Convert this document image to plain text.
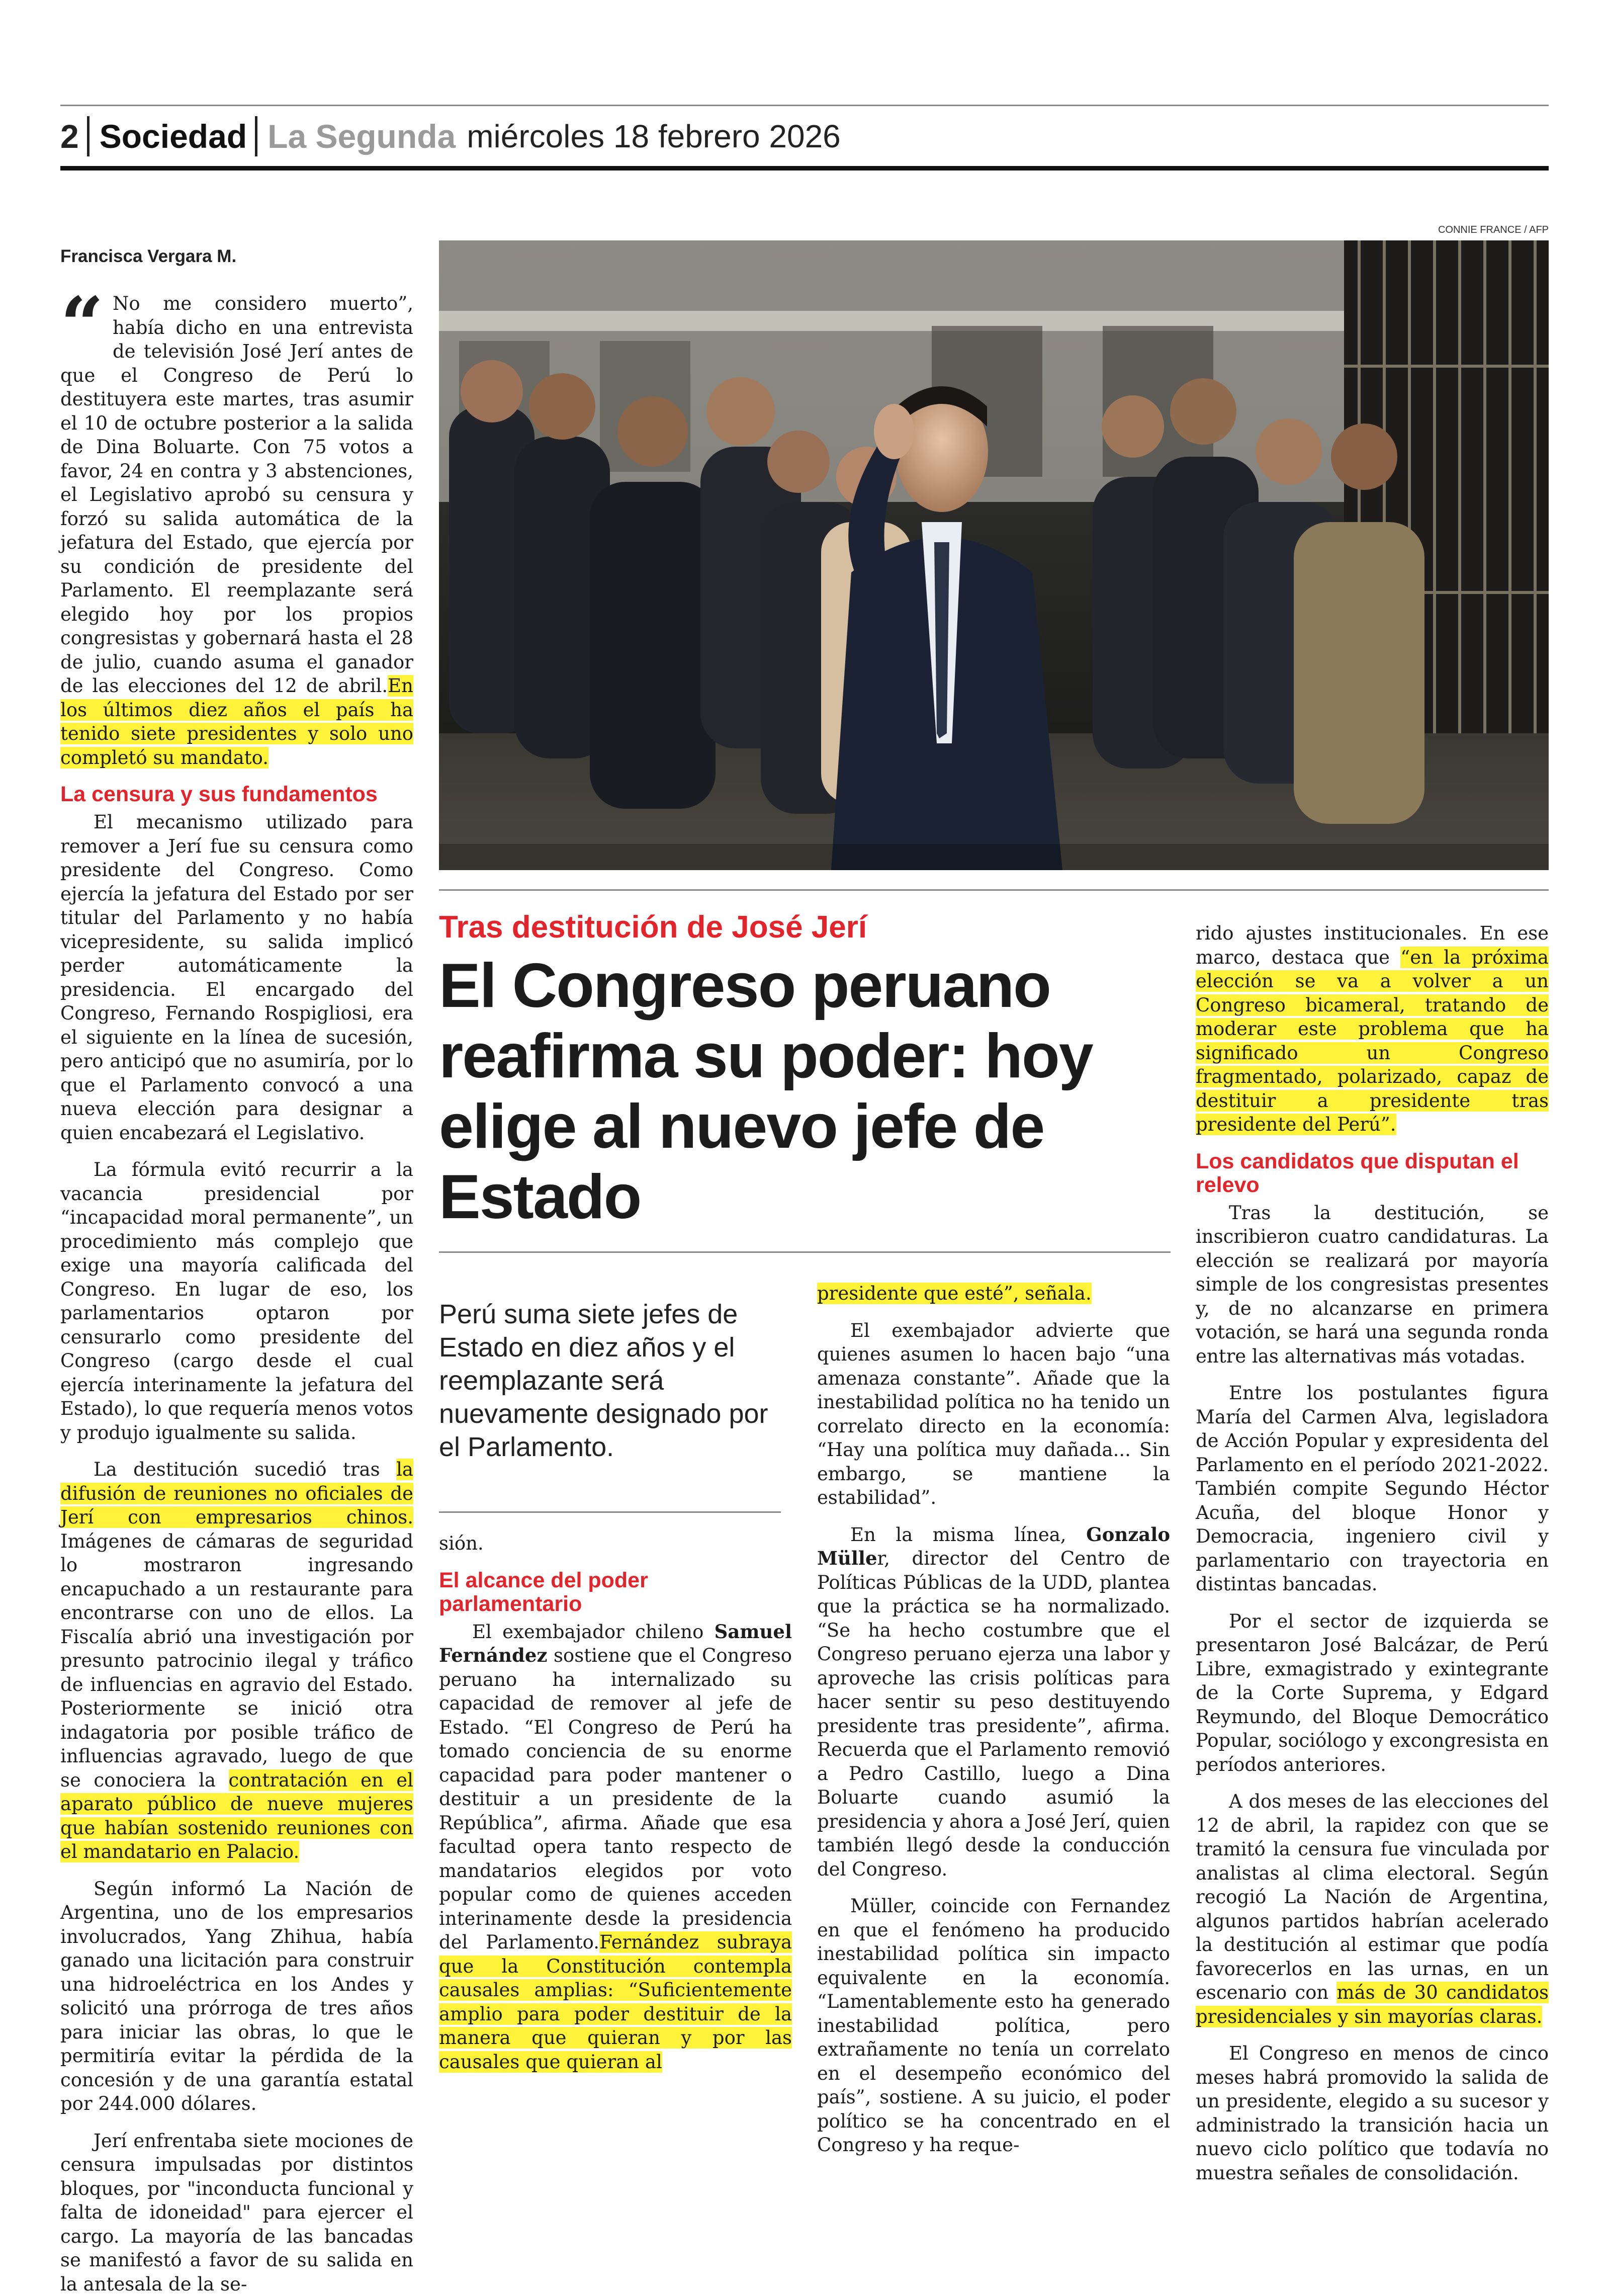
2 Sociedad La Segunda miércoles 18 febrero 2026
Francisca Vergara M.

“ No me considero muerto”, había dicho en una entrevista de televisión José Jerí antes de que el Congreso de Perú lo destituyera este martes, tras asumir el 10 de octubre posterior a la salida de Dina Boluarte. Con 75 votos a favor, 24 en contra y 3 abstenciones, el Legislativo aprobó su censura y forzó su salida automática de la jefatura del Estado, que ejercía por su condición de presidente del Parlamento. El reemplazante será elegido hoy por los propios congresistas y gobernará hasta el 28 de julio, cuando asuma el ganador de las elecciones del 12 de abril.En los últimos diez años el país ha tenido siete presidentes y solo uno completó su mandato.

La censura y sus fundamentos

El mecanismo utilizado para remover a Jerí fue su censura como presidente del Congreso. Como ejercía la jefatura del Estado por ser titular del Parlamento y no había vicepresidente, su salida implicó perder automáticamente la presidencia. El encargado del Congreso, Fernando Rospigliosi, era el siguiente en la línea de sucesión, pero anticipó que no asumiría, por lo que el Parlamento convocó a una nueva elección para designar a quien encabezará el Legislativo.

La fórmula evitó recurrir a la vacancia presidencial por “incapacidad moral permanente”, un procedimiento más complejo que exige una mayoría calificada del Congreso. En lugar de eso, los parlamentarios optaron por censurarlo como presidente del Congreso (cargo desde el cual ejercía interinamente la jefatura del Estado), lo que requería menos votos y produjo igualmente su salida.

La destitución sucedió tras la difusión de reuniones no oficiales de Jerí con empresarios chinos. Imágenes de cámaras de seguridad lo mostraron ingresando encapuchado a un restaurante para encontrarse con uno de ellos. La Fiscalía abrió una investigación por presunto patrocinio ilegal y tráfico de influencias en agravio del Estado. Posteriormente se inició otra indagatoria por posible tráfico de influencias agravado, luego de que se conociera la contratación en el aparato público de nueve mujeres que habían sostenido reuniones con el mandatario en Palacio.

Según informó La Nación de Argentina, uno de los empresarios involucrados, Yang Zhihua, había ganado una licitación para construir una hidroeléctrica en los Andes y solicitó una prórroga de tres años para iniciar las obras, lo que le permitiría evitar la pérdida de la concesión y de una garantía estatal por 244.000 dólares.

Jerí enfrentaba siete mociones de censura impulsadas por distintos bloques, por "inconducta funcional y falta de idoneidad" para ejercer el cargo. La mayoría de las bancadas se manifestó a favor de su salida en la antesala de la se-

CONNIE FRANCE / AFP
Tras destitución de José Jerí
El Congreso peruano reafirma su poder: hoy elige al nuevo jefe de Estado
Perú suma siete jefes de Estado en diez años y el reemplazante será nuevamente designado por el Parlamento.

sión.

El alcance del poder parlamentario

El exembajador chileno Samuel Fernández sostiene que el Congreso peruano ha internalizado su capacidad de remover al jefe de Estado. “El Congreso de Perú ha tomado conciencia de su enorme capacidad para poder mantener o destituir a un presidente de la República”, afirma. Añade que esa facultad opera tanto respecto de mandatarios elegidos por voto popular como de quienes acceden interinamente desde la presidencia del Parlamento.Fernández subraya que la Constitución contempla causales amplias: “Suficientemente amplio para poder destituir de la manera que quieran y por las causales que quieran al

presidente que esté”, señala.

El exembajador advierte que quienes asumen lo hacen bajo “una amenaza constante”. Añade que la inestabilidad política no ha tenido un correlato directo en la economía: “Hay una política muy dañada... Sin embargo, se mantiene la estabilidad”.

En la misma línea, Gonzalo Müller, director del Centro de Políticas Públicas de la UDD, plantea que la práctica se ha normalizado. “Se ha hecho costumbre que el Congreso peruano ejerza una labor y aproveche las crisis políticas para hacer sentir su peso destituyendo presidente tras presidente”, afirma. Recuerda que el Parlamento removió a Pedro Castillo, luego a Dina Boluarte cuando asumió la presidencia y ahora a José Jerí, quien también llegó desde la conducción del Congreso.

Müller, coincide con Fernandez en que el fenómeno ha producido inestabilidad política sin impacto equivalente en la economía. “Lamentablemente esto ha generado inestabilidad política, pero extrañamente no tenía un correlato en el desempeño económico del país”, sostiene. A su juicio, el poder político se ha concentrado en el Congreso y ha reque-

rido ajustes institucionales. En ese marco, destaca que “en la próxima elección se va a volver a un Congreso bicameral, tratando de moderar este problema que ha significado un Congreso fragmentado, polarizado, capaz de destituir a presidente tras presidente del Perú”.

Los candidatos que disputan el relevo

Tras la destitución, se inscribieron cuatro candidaturas. La elección se realizará por mayoría simple de los congresistas presentes y, de no alcanzarse en primera votación, se hará una segunda ronda entre las alternativas más votadas.

Entre los postulantes figura María del Carmen Alva, legisladora de Acción Popular y expresidenta del Parlamento en el período 2021-2022. También compite Segundo Héctor Acuña, del bloque Honor y Democracia, ingeniero civil y parlamentario con trayectoria en distintas bancadas.

Por el sector de izquierda se presentaron José Balcázar, de Perú Libre, exmagistrado y exintegrante de la Corte Suprema, y Edgard Reymundo, del Bloque Democrático Popular, sociólogo y excongresista en períodos anteriores.

A dos meses de las elecciones del 12 de abril, la rapidez con que se tramitó la censura fue vinculada por analistas al clima electoral. Según recogió La Nación de Argentina, algunos partidos habrían acelerado la destitución al estimar que podía favorecerlos en las urnas, en un escenario con más de 30 candidatos presidenciales y sin mayorías claras.

El Congreso en menos de cinco meses habrá promovido la salida de un presidente, elegido a su sucesor y administrado la transición hacia un nuevo ciclo político que todavía no muestra señales de consolidación.
